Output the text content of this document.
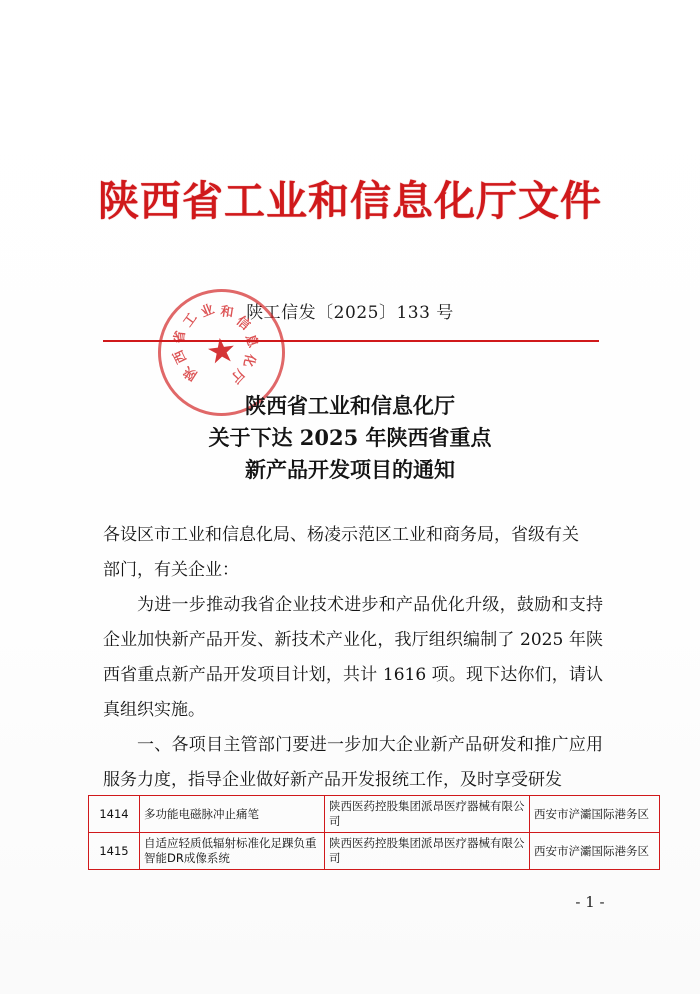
陕西省工业和信息化厅文件
陕工信发〔2025〕133 号
陕
西
省
工
业 和
信
息
化
厅
★
陕西省工业和信息化厅
关于下达 2025 年陕西省重点
新产品开发项目的通知

各设区市工业和信息化局、杨凌示范区工业和商务局，省级有关

部门，有关企业：

为进一步推动我省企业技术进步和产品优化升级，鼓励和支持企业加快新产品开发、新技术产业化，我厅组织编制了 2025 年陕西省重点新产品开发项目计划，共计 1616 项。现下达你们，请认真组织实施。

一、各项目主管部门要进一步加大企业新产品研发和推广应用服务力度，指导企业做好新产品开发报统工作，及时享受研发

1414	多功能电磁脉冲止痛笔	陕西医药控股集团派昂医疗器械有限公司	西安市浐灞国际港务区
1415	自适应轻质低辐射标准化足踝负重智能DR成像系统	陕西医药控股集团派昂医疗器械有限公司	西安市浐灞国际港务区
- 1 -
